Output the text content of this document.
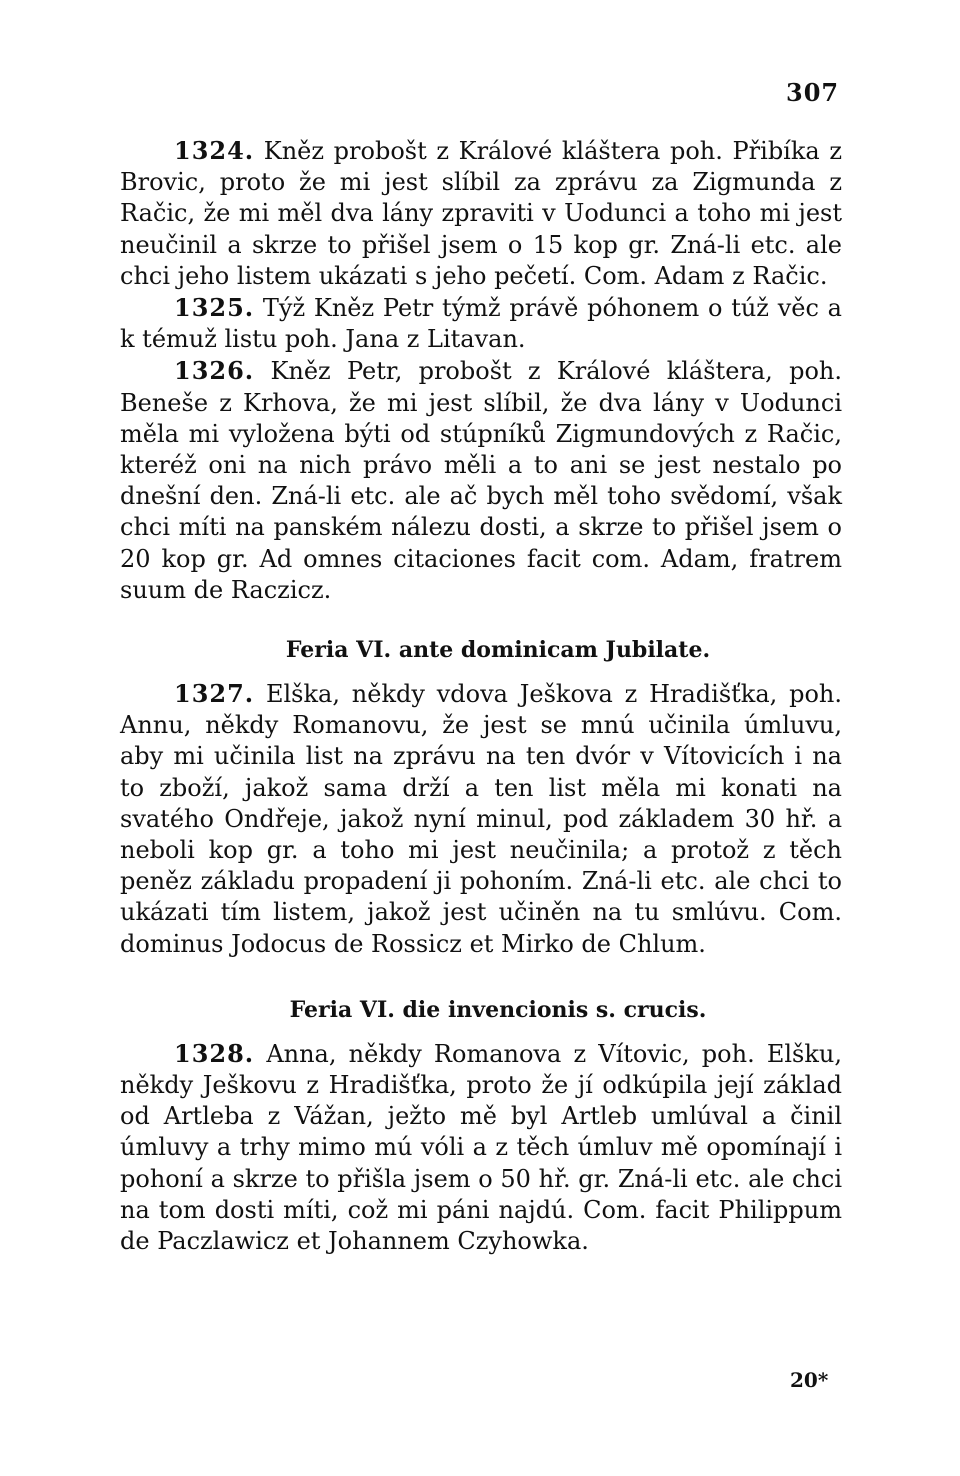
307

1324. Kněz probošt z Králové kláštera poh. Přibíka z Brovic, proto že mi jest slíbil za zprávu za Zigmunda z Račic, že mi měl dva lány zpraviti v Uodunci a toho mi jest neučinil a skrze to přišel jsem o 15 kop gr. Zná-li etc. ale chci jeho listem ukázati s jeho pečetí. Com. Adam z Račic.

1325. Týž Kněz Petr týmž právě póhonem o túž věc a k témuž listu poh. Jana z Litavan.

1326. Kněz Petr, probošt z Králové kláštera, poh. Beneše z Krhova, že mi jest slíbil, že dva lány v Uodunci měla mi vyložena býti od stúpníků Zigmundových z Račic, kteréž oni na nich právo měli a to ani se jest nestalo po dnešní den. Zná-li etc. ale ač bych měl toho svědomí, však chci míti na panském nálezu dosti, a skrze to přišel jsem o 20 kop gr. Ad omnes citaciones facit com. Adam, fratrem suum de Raczicz.

Feria VI. ante dominicam Jubilate.

1327. Elška, někdy vdova Ješkova z Hradišťka, poh. Annu, někdy Romanovu, že jest se mnú učinila úmluvu, aby mi učinila list na zprávu na ten dvór v Vítovicích i na to zboží, jakož sama drží a ten list měla mi konati na svatého Ondřeje, jakož nyní minul, pod základem 30 hř. a neboli kop gr. a toho mi jest neučinila; a protož z těch peněz základu propadení ji pohoním. Zná-li etc. ale chci to ukázati tím listem, jakož jest učiněn na tu smlúvu. Com. dominus Jodocus de Rossicz et Mirko de Chlum.

Feria VI. die invencionis s. crucis.

1328. Anna, někdy Romanova z Vítovic, poh. Elšku, někdy Ješkovu z Hradišťka, proto že jí odkúpila její základ od Artleba z Vážan, ježto mě byl Artleb umlúval a činil úmluvy a trhy mimo mú vóli a z těch úmluv mě opomínají i pohoní a skrze to přišla jsem o 50 hř. gr. Zná-li etc. ale chci na tom dosti míti, což mi páni najdú. Com. facit Philippum de Paczlawicz et Johannem Czyhowka.

20*
